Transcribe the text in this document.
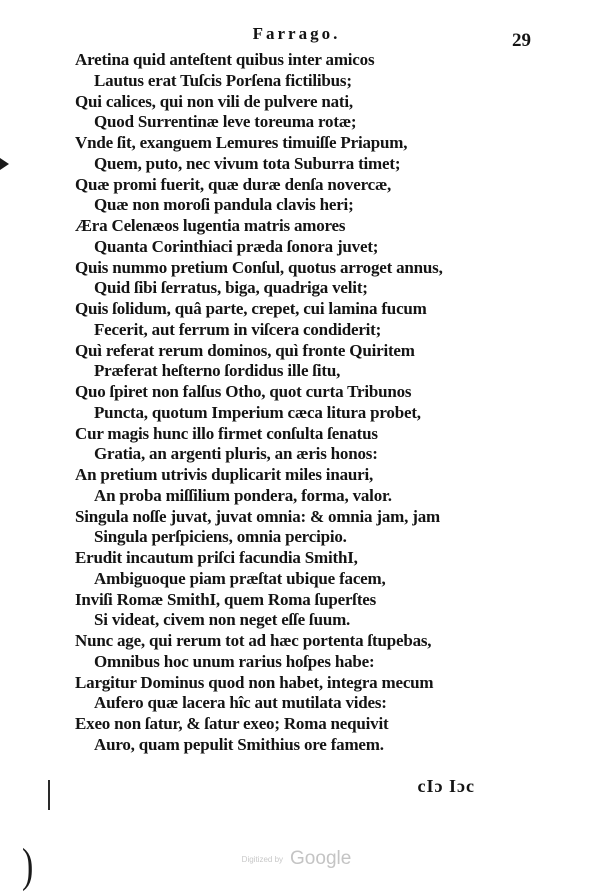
Farrago.	29
Aretina quid anteſtent quibus inter amicos
Lautus erat Tuſcis Porſena fictilibus;
Qui calices, qui non vili de pulvere nati,
Quod Surrentinæ leve toreuma rotæ;
Vnde ſit, exanguem Lemures timuiſſe Priapum,
Quem, puto, nec vivum tota Suburra timet;
Quæ promi fuerit, quæ duræ denſa novercæ,
Quæ non moroſi pandula clavis heri;
Æra Celenæos lugentia matris amores
Quanta Corinthiaci præda ſonora juvet;
Quis nummo pretium Conſul, quotus arroget annus,
Quid ſibi ſerratus, biga, quadriga velit;
Quis ſolidum, quâ parte, crepet, cui lamina fucum
Fecerit, aut ferrum in viſcera condiderit;
Quì referat rerum dominos, quì fronte Quiritem
Præferat heſterno ſordidus ille ſitu,
Quo ſpiret non falſus Otho, quot curta Tribunos
Puncta, quotum Imperium cæca litura probet,
Cur magis hunc illo firmet conſulta ſenatus
Gratia, an argenti pluris, an æris honos:
An pretium utrivis duplicarit miles inauri,
An proba miſſilium pondera, forma, valor.
Singula noſſe juvat, juvat omnia: & omnia jam, jam
Singula perſpiciens, omnia percipio.
Erudit incautum priſci facundia SmithI,
Ambiguoque piam præſtat ubique facem,
Inviſi Romæ SmithI, quem Roma ſuperſtes
Si videat, civem non neget eſſe ſuum.
Nunc age, qui rerum tot ad hæc portenta ſtupebas,
Omnibus hoc unum rarius hoſpes habe:
Largitur Dominus quod non habet, integra mecum
Aufero quæ lacera hîc aut mutilata vides:
Exeo non ſatur, & ſatur exeo; Roma nequivit
Auro, quam pepulit Smithius ore famem.
cIɔ Iɔc
)	Digitized by Google
